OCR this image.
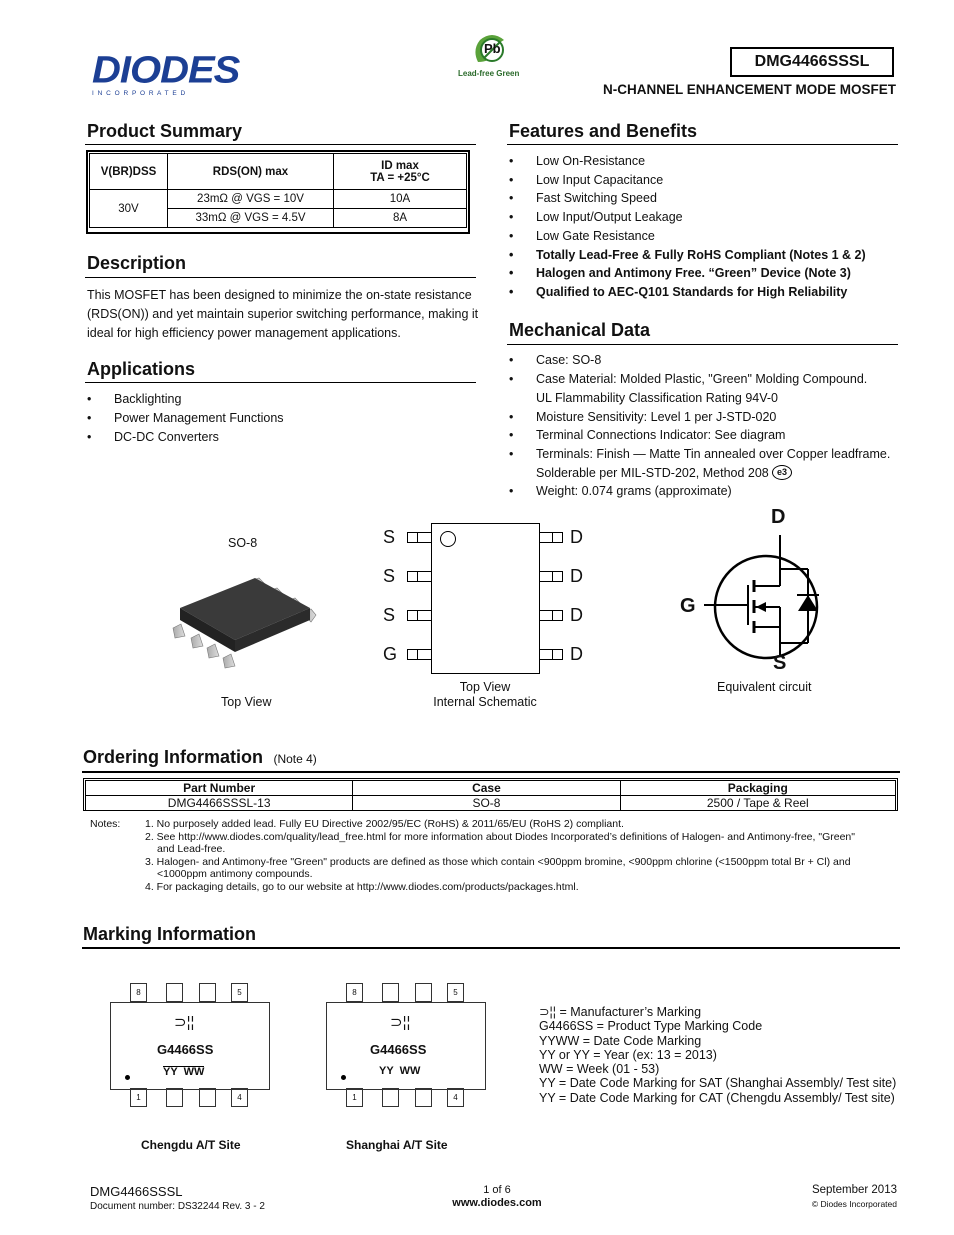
DIODES
I N C O R P O R A T E D
Pb
Lead-free Green
DMG4466SSSL
N-CHANNEL ENHANCEMENT MODE MOSFET
Product Summary
V(BR)DSS	RDS(ON) max	ID max
TA = +25°C
30V	23mΩ @ VGS = 10V	10A
	33mΩ @ VGS = 4.5V	8A
Description
This MOSFET has been designed to minimize the on-state resistance
(RDS(ON)) and yet maintain superior switching performance, making it
ideal for high efficiency power management applications.
Applications
• Backlighting
• Power Management Functions
• DC-DC Converters
Features and Benefits
• Low On-Resistance
• Low Input Capacitance
• Fast Switching Speed
• Low Input/Output Leakage
• Low Gate Resistance
• Totally Lead-Free & Fully RoHS Compliant (Notes 1 & 2)
• Halogen and Antimony Free. “Green” Device (Note 3)
• Qualified to AEC-Q101 Standards for High Reliability
Mechanical Data
• Case: SO-8
• Case Material: Molded Plastic, "Green" Molding Compound.
UL Flammability Classification Rating 94V-0
• Moisture Sensitivity: Level 1 per J-STD-020
• Terminal Connections Indicator: See diagram
• Terminals: Finish — Matte Tin annealed over Copper leadframe.
Solderable per MIL-STD-202, Method 208 e3
• Weight: 0.074 grams (approximate)
SO-8
Top View
S
S
S
G
D
D
D
D
Top View
Internal Schematic
D
G
S
Equivalent circuit
Ordering Information (Note 4)
Part Number	Case	Packaging
DMG4466SSSL-13	SO-8	2500 / Tape & Reel
Notes: 1. No purposely added lead. Fully EU Directive 2002/95/EC (RoHS) & 2011/65/EU (RoHS 2) compliant.
2. See http://www.diodes.com/quality/lead_free.html for more information about Diodes Incorporated’s definitions of Halogen- and Antimony-free, "Green"
and Lead-free.
3. Halogen- and Antimony-free "Green" products are defined as those which contain <900ppm bromine, <900ppm chlorine (<1500ppm total Br + Cl) and
<1000ppm antimony compounds.
4. For packaging details, go to our website at http://www.diodes.com/products/packages.html.
Marking Information
8	5
⊃¦¦
G4466SS
YY  WW
1	4
Chengdu A/T Site
8	5
⊃¦¦
G4466SS
YY  WW
1	4
Shanghai A/T Site
⊃¦¦ = Manufacturer’s Marking
G4466SS = Product Type Marking Code
YYWW = Date Code Marking
YY or YY = Year (ex: 13 = 2013)
WW = Week (01 - 53)
YY = Date Code Marking for SAT (Shanghai Assembly/ Test site)
YY = Date Code Marking for CAT (Chengdu Assembly/ Test site)
DMG4466SSSL
Document number: DS32244 Rev. 3 - 2
1 of 6
www.diodes.com
September 2013
© Diodes Incorporated
